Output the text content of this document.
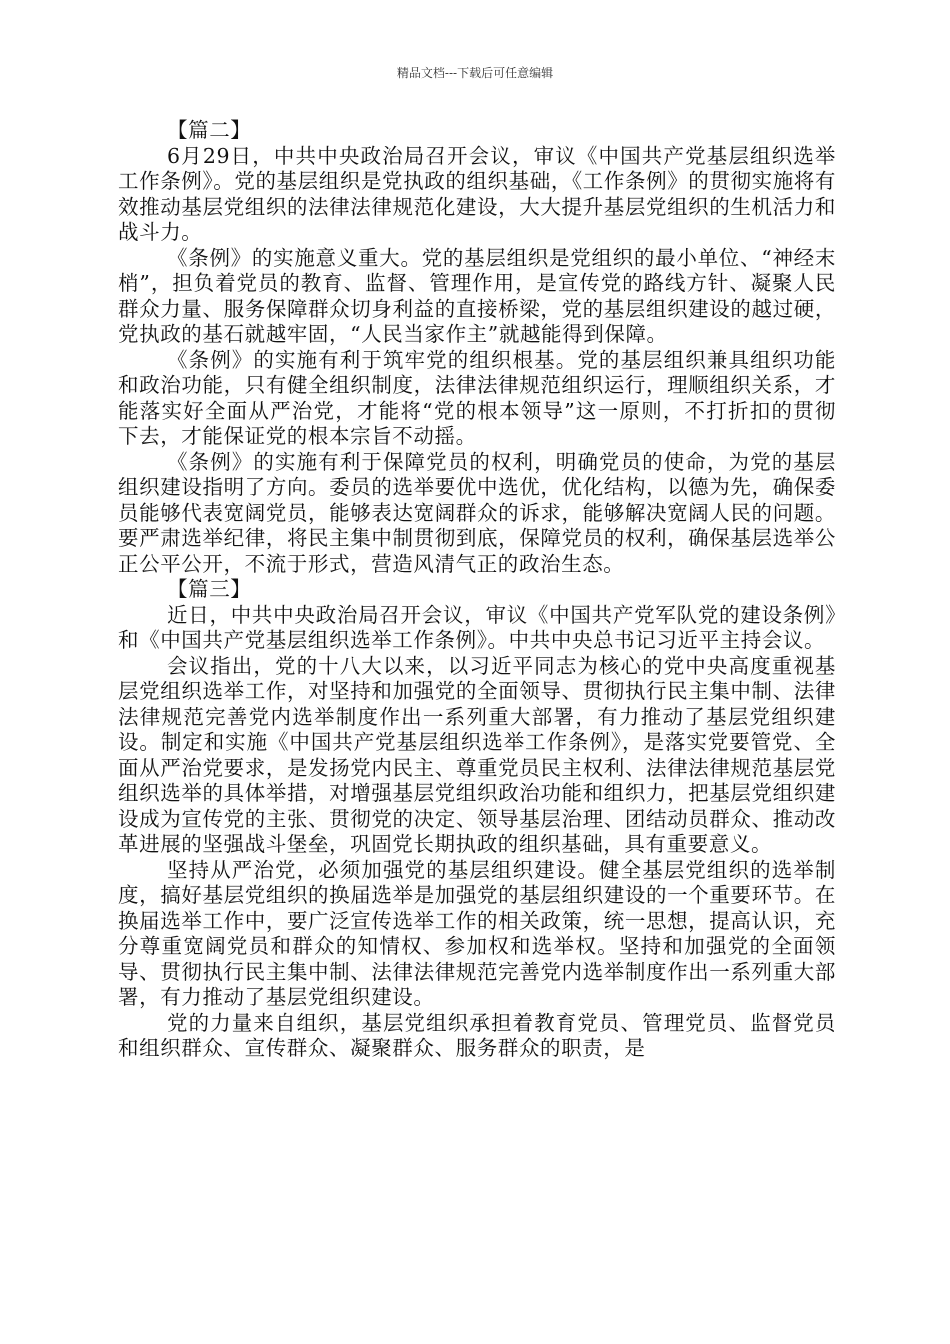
精品文档---下载后可任意编辑
【篇二】

6月29日，中共中央政治局召开会议，审议《中国共产党基层组织选举工作条例》。党的基层组织是党执政的组织基础，《工作条例》的贯彻实施将有效推动基层党组织的法律法律规范化建设，大大提升基层党组织的生机活力和战斗力。

《条例》的实施意义重大。党的基层组织是党组织的最小单位、“神经末梢”，担负着党员的教育、监督、管理作用，是宣传党的路线方针、凝聚人民群众力量、服务保障群众切身利益的直接桥梁，党的基层组织建设的越过硬，党执政的基石就越牢固，“人民当家作主”就越能得到保障。

《条例》的实施有利于筑牢党的组织根基。党的基层组织兼具组织功能和政治功能，只有健全组织制度，法律法律规范组织运行，理顺组织关系，才能落实好全面从严治党，才能将“党的根本领导”这一原则，不打折扣的贯彻下去，才能保证党的根本宗旨不动摇。

《条例》的实施有利于保障党员的权利，明确党员的使命，为党的基层组织建设指明了方向。委员的选举要优中选优，优化结构，以德为先，确保委员能够代表宽阔党员，能够表达宽阔群众的诉求，能够解决宽阔人民的问题。要严肃选举纪律，将民主集中制贯彻到底，保障党员的权利，确保基层选举公正公平公开，不流于形式，营造风清气正的政治生态。

【篇三】

近日，中共中央政治局召开会议，审议《中国共产党军队党的建设条例》和《中国共产党基层组织选举工作条例》。中共中央总书记习近平主持会议。

会议指出，党的十八大以来，以习近平同志为核心的党中央高度重视基层党组织选举工作，对坚持和加强党的全面领导、贯彻执行民主集中制、法律法律规范完善党内选举制度作出一系列重大部署，有力推动了基层党组织建设。制定和实施《中国共产党基层组织选举工作条例》，是落实党要管党、全面从严治党要求，是发扬党内民主、尊重党员民主权利、法律法律规范基层党组织选举的具体举措，对增强基层党组织政治功能和组织力，把基层党组织建设成为宣传党的主张、贯彻党的决定、领导基层治理、团结动员群众、推动改革进展的坚强战斗堡垒，巩固党长期执政的组织基础，具有重要意义。

坚持从严治党，必须加强党的基层组织建设。健全基层党组织的选举制度，搞好基层党组织的换届选举是加强党的基层组织建设的一个重要环节。在换届选举工作中，要广泛宣传选举工作的相关政策，统一思想，提高认识，充分尊重宽阔党员和群众的知情权、参加权和选举权。坚持和加强党的全面领导、贯彻执行民主集中制、法律法律规范完善党内选举制度作出一系列重大部署，有力推动了基层党组织建设。

党的力量来自组织，基层党组织承担着教育党员、管理党员、监督党员和组织群众、宣传群众、凝聚群众、服务群众的职责，是
